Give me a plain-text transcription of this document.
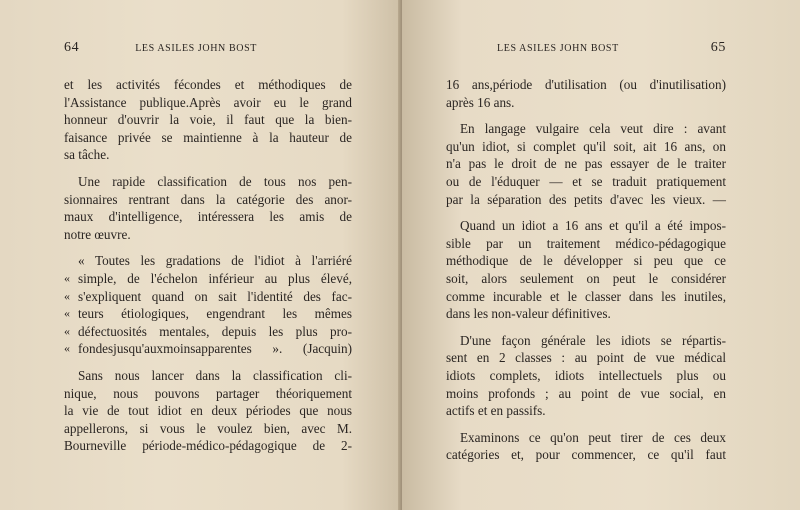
64	LES ASILES JOHN BOST
et les activités fécondes et méthodiques de
l'Assistance publique.Après avoir eu le grand
honneur d'ouvrir la voie, il faut que la bien-
faisance privée se maintienne à la hauteur de
sa tâche.
Une rapide classification de tous nos pen-
sionnaires rentrant dans la catégorie des anor-
maux d'intelligence, intéressera les amis de
notre œuvre.
« Toutes les gradations de l'idiot à l'arriéré
« simple, de l'échelon inférieur au plus élevé,
« s'expliquent quand on sait l'identité des fac-
« teurs étiologiques, engendrant les mêmes
« défectuosités mentales, depuis les plus pro-
« fondesjusqu'auxmoinsapparentes ». (Jacquin)
Sans nous lancer dans la classification cli-
nique, nous pouvons partager théoriquement
la vie de tout idiot en deux périodes que nous
appellerons, si vous le voulez bien, avec M.
Bourneville période-médico-pédagogique de 2-
LES ASILES JOHN BOST	65
16 ans,période d'utilisation (ou d'inutilisation)
après 16 ans.
En langage vulgaire cela veut dire : avant
qu'un idiot, si complet qu'il soit, ait 16 ans, on
n'a pas le droit de ne pas essayer de le traiter
ou de l'éduquer — et se traduit pratiquement
par la séparation des petits d'avec les vieux. —
Quand un idiot a 16 ans et qu'il a été impos-
sible par un traitement médico-pédagogique
méthodique de le développer si peu que ce
soit, alors seulement on peut le considérer
comme incurable et le classer dans les inutiles,
dans les non-valeur définitives.
D'une façon générale les idiots se répartis-
sent en 2 classes : au point de vue médical
idiots complets, idiots intellectuels plus ou
moins profonds ; au point de vue social, en
actifs et en passifs.
Examinons ce qu'on peut tirer de ces deux
catégories et, pour commencer, ce qu'il faut
